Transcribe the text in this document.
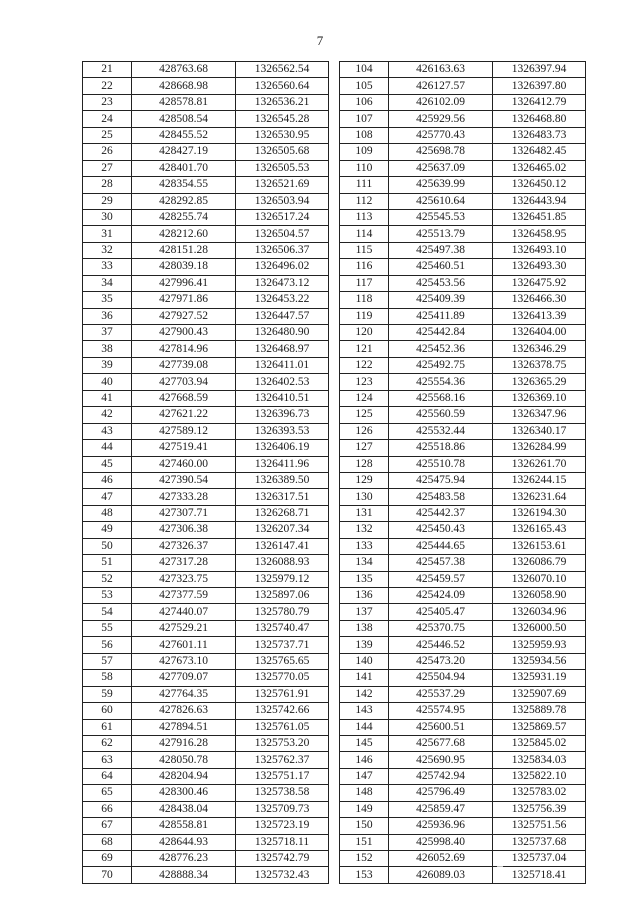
7
21	428763.68	1326562.54
22	428668.98	1326560.64
23	428578.81	1326536.21
24	428508.54	1326545.28
25	428455.52	1326530.95
26	428427.19	1326505.68
27	428401.70	1326505.53
28	428354.55	1326521.69
29	428292.85	1326503.94
30	428255.74	1326517.24
31	428212.60	1326504.57
32	428151.28	1326506.37
33	428039.18	1326496.02
34	427996.41	1326473.12
35	427971.86	1326453.22
36	427927.52	1326447.57
37	427900.43	1326480.90
38	427814.96	1326468.97
39	427739.08	1326411.01
40	427703.94	1326402.53
41	427668.59	1326410.51
42	427621.22	1326396.73
43	427589.12	1326393.53
44	427519.41	1326406.19
45	427460.00	1326411.96
46	427390.54	1326389.50
47	427333.28	1326317.51
48	427307.71	1326268.71
49	427306.38	1326207.34
50	427326.37	1326147.41
51	427317.28	1326088.93
52	427323.75	1325979.12
53	427377.59	1325897.06
54	427440.07	1325780.79
55	427529.21	1325740.47
56	427601.11	1325737.71
57	427673.10	1325765.65
58	427709.07	1325770.05
59	427764.35	1325761.91
60	427826.63	1325742.66
61	427894.51	1325761.05
62	427916.28	1325753.20
63	428050.78	1325762.37
64	428204.94	1325751.17
65	428300.46	1325738.58
66	428438.04	1325709.73
67	428558.81	1325723.19
68	428644.93	1325718.11
69	428776.23	1325742.79
70	428888.34	1325732.43
104	426163.63	1326397.94
105	426127.57	1326397.80
106	426102.09	1326412.79
107	425929.56	1326468.80
108	425770.43	1326483.73
109	425698.78	1326482.45
110	425637.09	1326465.02
111	425639.99	1326450.12
112	425610.64	1326443.94
113	425545.53	1326451.85
114	425513.79	1326458.95
115	425497.38	1326493.10
116	425460.51	1326493.30
117	425453.56	1326475.92
118	425409.39	1326466.30
119	425411.89	1326413.39
120	425442.84	1326404.00
121	425452.36	1326346.29
122	425492.75	1326378.75
123	425554.36	1326365.29
124	425568.16	1326369.10
125	425560.59	1326347.96
126	425532.44	1326340.17
127	425518.86	1326284.99
128	425510.78	1326261.70
129	425475.94	1326244.15
130	425483.58	1326231.64
131	425442.37	1326194.30
132	425450.43	1326165.43
133	425444.65	1326153.61
134	425457.38	1326086.79
135	425459.57	1326070.10
136	425424.09	1326058.90
137	425405.47	1326034.96
138	425370.75	1326000.50
139	425446.52	1325959.93
140	425473.20	1325934.56
141	425504.94	1325931.19
142	425537.29	1325907.69
143	425574.95	1325889.78
144	425600.51	1325869.57
145	425677.68	1325845.02
146	425690.95	1325834.03
147	425742.94	1325822.10
148	425796.49	1325783.02
149	425859.47	1325756.39
150	425936.96	1325751.56
151	425998.40	1325737.68
152	426052.69	1325737.04
153	426089.03	1325718.41
